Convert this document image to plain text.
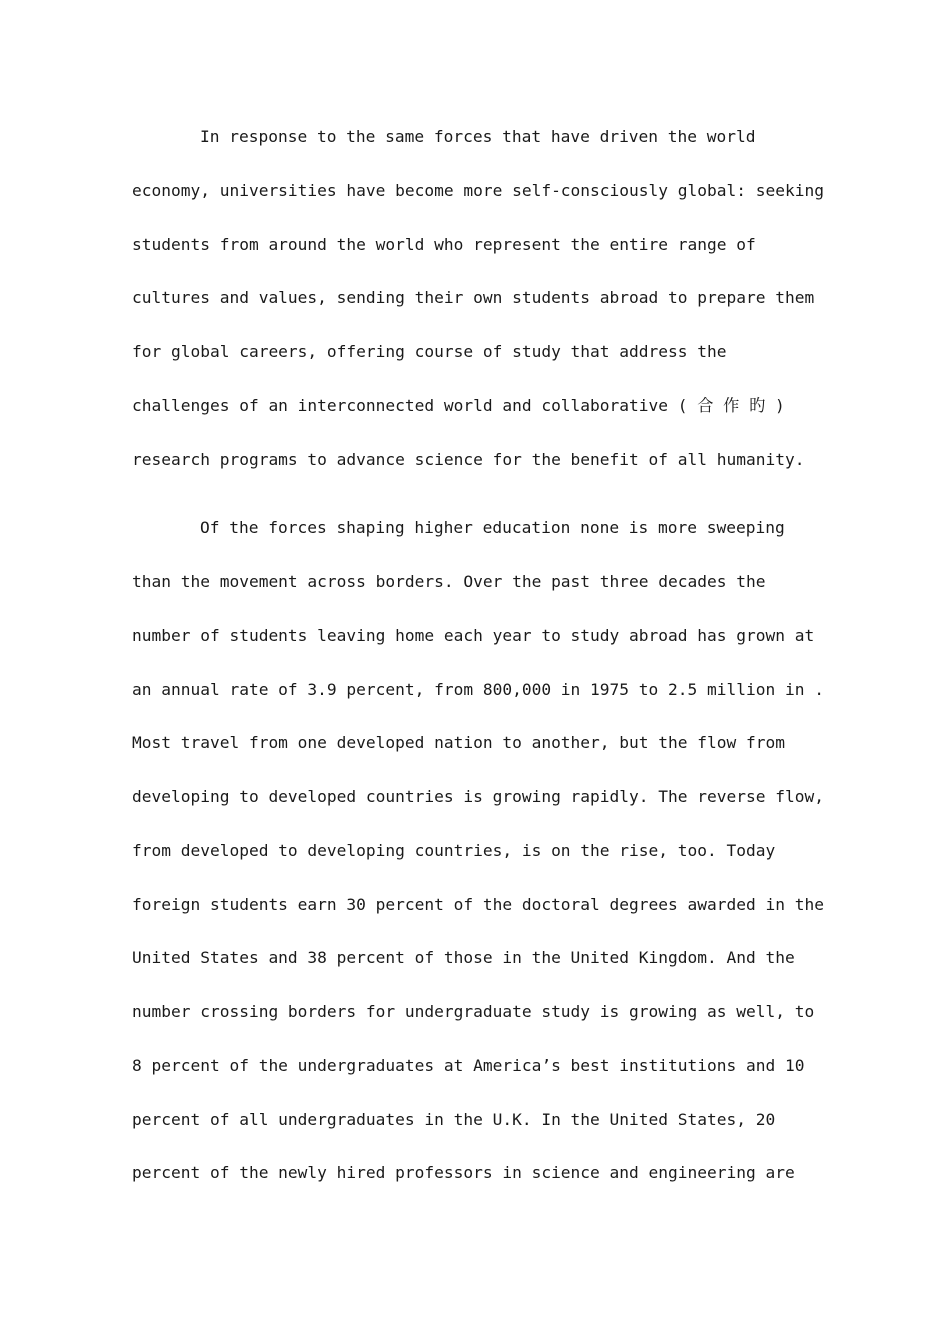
In response to the same forces that have driven the world
economy, universities have become more self-consciously global: seeking
students from around the world who represent the entire range of
cultures and values, sending their own students abroad to prepare them
for global careers, offering course of study that address the
challenges of an interconnected world and collaborative ( 合 作 旳 )
research programs to advance science for the benefit of all humanity.
Of the forces shaping higher education none is more sweeping
than the movement across borders. Over the past three decades the
number of students leaving home each year to study abroad has grown at
an annual rate of 3.9 percent, from 800,000 in 1975 to 2.5 million in .
Most travel from one developed nation to another, but the flow from
developing to developed countries is growing rapidly. The reverse flow,
from developed to developing countries, is on the rise, too. Today
foreign students earn 30 percent of the doctoral degrees awarded in the
United States and 38 percent of those in the United Kingdom. And the
number crossing borders for undergraduate study is growing as well, to
8 percent of the undergraduates at America’s best institutions and 10
percent of all undergraduates in the U.K. In the United States, 20
percent of the newly hired professors in science and engineering are
